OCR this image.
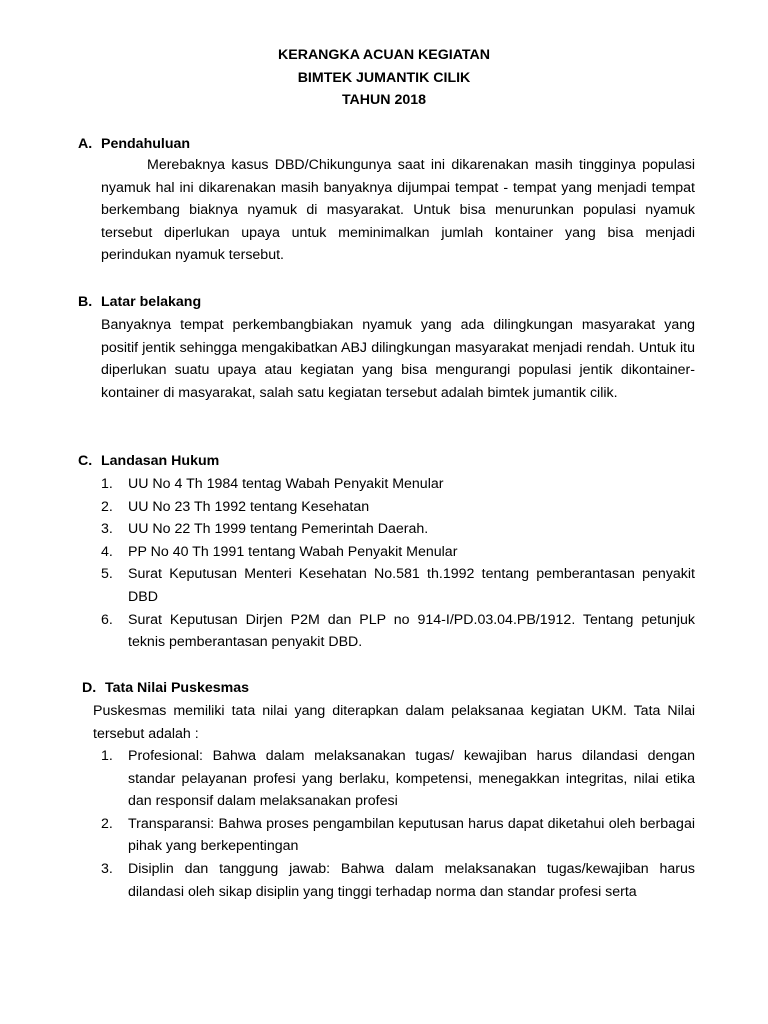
KERANGKA ACUAN KEGIATAN
BIMTEK JUMANTIK CILIK
TAHUN 2018
A. Pendahuluan

Merebaknya kasus DBD/Chikungunya saat ini dikarenakan masih tingginya populasi nyamuk hal ini dikarenakan masih banyaknya dijumpai tempat - tempat yang menjadi tempat berkembang biaknya nyamuk di masyarakat. Untuk bisa menurunkan populasi nyamuk tersebut diperlukan upaya untuk meminimalkan jumlah kontainer yang bisa menjadi perindukan nyamuk tersebut.

B. Latar belakang

Banyaknya tempat perkembangbiakan nyamuk yang ada dilingkungan masyarakat yang positif jentik sehingga mengakibatkan ABJ dilingkungan masyarakat menjadi rendah. Untuk itu diperlukan suatu upaya atau kegiatan yang bisa mengurangi populasi jentik dikontainer-kontainer di masyarakat, salah satu kegiatan tersebut adalah bimtek jumantik cilik.

C. Landasan Hukum
1. UU No 4 Th 1984 tentag Wabah Penyakit Menular
2. UU No 23 Th 1992 tentang Kesehatan
3. UU No 22 Th 1999 tentang Pemerintah Daerah.
4. PP No 40 Th 1991 tentang Wabah Penyakit Menular
5. Surat Keputusan Menteri Kesehatan No.581 th.1992 tentang pemberantasan penyakit DBD
6. Surat Keputusan Dirjen P2M dan PLP no 914-I/PD.03.04.PB/1912. Tentang petunjuk teknis pemberantasan penyakit DBD.
D. Tata Nilai Puskesmas

Puskesmas memiliki tata nilai yang diterapkan dalam pelaksanaa kegiatan UKM. Tata Nilai tersebut adalah :

1. Profesional: Bahwa dalam melaksanakan tugas/ kewajiban harus dilandasi dengan standar pelayanan profesi yang berlaku, kompetensi, menegakkan integritas, nilai etika dan responsif dalam melaksanakan profesi
2. Transparansi: Bahwa proses pengambilan keputusan harus dapat diketahui oleh berbagai pihak yang berkepentingan
3. Disiplin dan tanggung jawab: Bahwa dalam melaksanakan tugas/kewajiban harus dilandasi oleh sikap disiplin yang tinggi terhadap norma dan standar profesi serta
